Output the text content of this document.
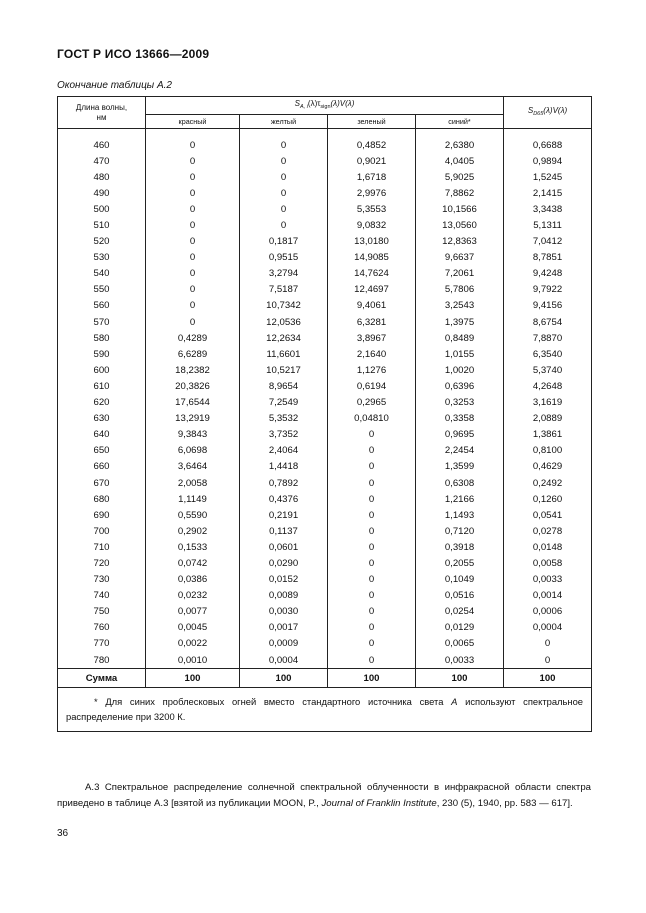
ГОСТ Р ИСО 13666—2009
Окончание таблицы А.2
Длина волны,
нм	$S_{A, i}(\lambda)\tau_{sign}(\lambda)V(\lambda)$				$S_{D65}(\lambda)V(\lambda)$
	красный	желтый	зеленый	синий*	

460	0	0	0,4852	2,6380	0,6688
470	0	0	0,9021	4,0405	0,9894
480	0	0	1,6718	5,9025	1,5245
490	0	0	2,9976	7,8862	2,1415
500	0	0	5,3553	10,1566	3,3438
510	0	0	9,0832	13,0560	5,1311
520	0	0,1817	13,0180	12,8363	7,0412
530	0	0,9515	14,9085	9,6637	8,7851
540	0	3,2794	14,7624	7,2061	9,4248
550	0	7,5187	12,4697	5,7806	9,7922
560	0	10,7342	9,4061	3,2543	9,4156
570	0	12,0536	6,3281	1,3975	8,6754
580	0,4289	12,2634	3,8967	0,8489	7,8870
590	6,6289	11,6601	2,1640	1,0155	6,3540
600	18,2382	10,5217	1,1276	1,0020	5,3740
610	20,3826	8,9654	0,6194	0,6396	4,2648
620	17,6544	7,2549	0,2965	0,3253	3,1619
630	13,2919	5,3532	0,04810	0,3358	2,0889
640	9,3843	3,7352	0	0,9695	1,3861
650	6,0698	2,4064	0	2,2454	0,8100
660	3,6464	1,4418	0	1,3599	0,4629
670	2,0058	0,7892	0	0,6308	0,2492
680	1,1149	0,4376	0	1,2166	0,1260
690	0,5590	0,2191	0	1,1493	0,0541
700	0,2902	0,1137	0	0,7120	0,0278
710	0,1533	0,0601	0	0,3918	0,0148
720	0,0742	0,0290	0	0,2055	0,0058
730	0,0386	0,0152	0	0,1049	0,0033
740	0,0232	0,0089	0	0,0516	0,0014
750	0,0077	0,0030	0	0,0254	0,0006
760	0,0045	0,0017	0	0,0129	0,0004
770	0,0022	0,0009	0	0,0065	0
780	0,0010	0,0004	0	0,0033	0
Сумма	100	100	100	100	100
* Для синих проблесковых огней вместо стандартного источника света A используют спектральное распределение при 3200 К.					
А.3 Спектральное распределение солнечной спектральной облученности в инфракрасной области спектра приведено в таблице А.3 [взятой из публикации MOON, P., Journal of Franklin Institute, 230 (5), 1940, pp. 583 — 617].
36
